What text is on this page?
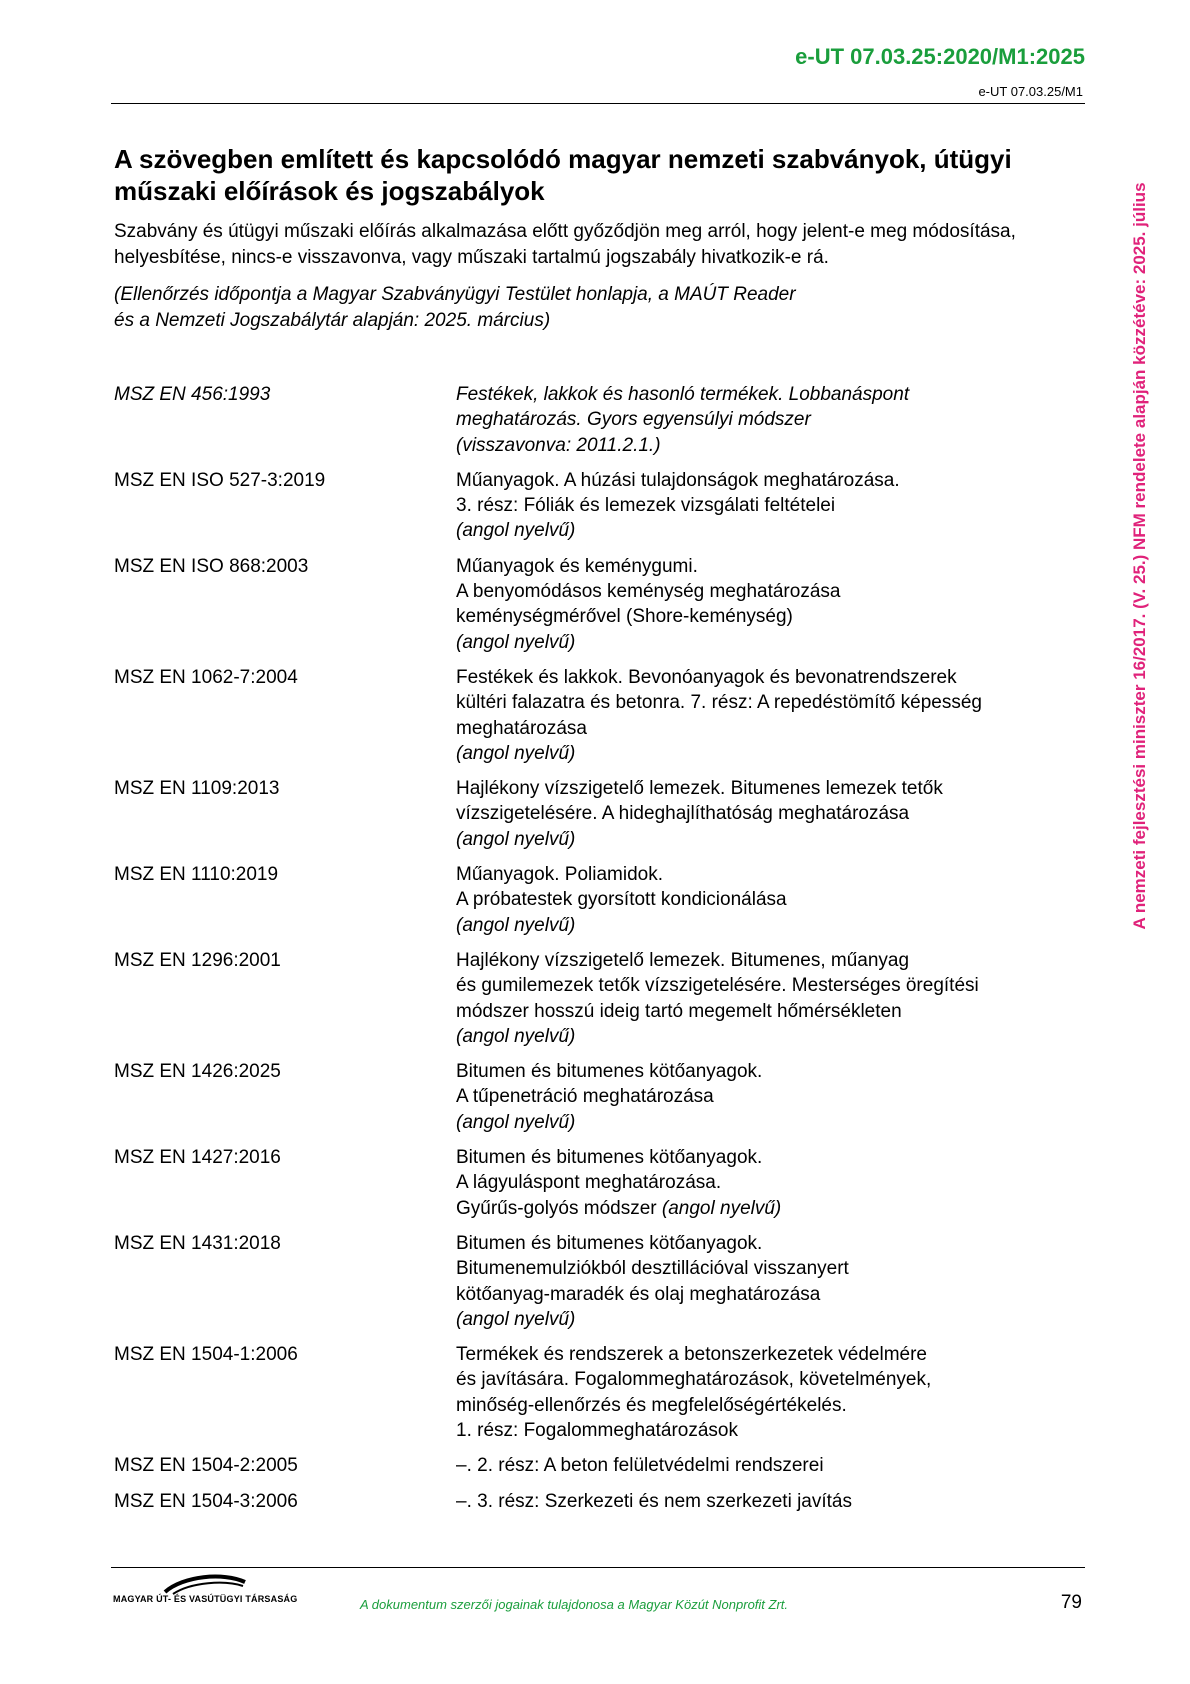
e-UT 07.03.25:2020/M1:2025
e-UT 07.03.25/M1
A nemzeti fejlesztési miniszter 16/2017. (V. 25.) NFM rendelete alapján közzétéve: 2025. július
A szövegben említett és kapcsolódó magyar nemzeti szabványok, útügyi műszaki előírások és jogszabályok

Szabvány és útügyi műszaki előírás alkalmazása előtt győződjön meg arról, hogy jelent-e meg módosítása, helyesbítése, nincs-e visszavonva, vagy műszaki tartalmú jogszabály hivatkozik-e rá.

(Ellenőrzés időpontja a Magyar Szabványügyi Testület honlapja, a MAÚT Reader
és a Nemzeti Jogszabálytár alapján: 2025. március)

MSZ EN 456:1993	Festékek, lakkok és hasonló termékek. Lobbanáspont
meghatározás. Gyors egyensúlyi módszer
(visszavonva: 2011.2.1.)
MSZ EN ISO 527-3:2019	Műanyagok. A húzási tulajdonságok meghatározása.
3. rész: Fóliák és lemezek vizsgálati feltételei
(angol nyelvű)
MSZ EN ISO 868:2003	Műanyagok és keménygumi.
A benyomódásos keménység meghatározása
keménységmérővel (Shore-keménység)
(angol nyelvű)
MSZ EN 1062-7:2004	Festékek és lakkok. Bevonóanyagok és bevonatrendszerek
kültéri falazatra és betonra. 7. rész: A repedéstömítő képesség
meghatározása
(angol nyelvű)
MSZ EN 1109:2013	Hajlékony vízszigetelő lemezek. Bitumenes lemezek tetők
vízszigetelésére. A hideghajlíthatóság meghatározása
(angol nyelvű)
MSZ EN 1110:2019	Műanyagok. Poliamidok.
A próbatestek gyorsított kondicionálása
(angol nyelvű)
MSZ EN 1296:2001	Hajlékony vízszigetelő lemezek. Bitumenes, műanyag
és gumilemezek tetők vízszigetelésére. Mesterséges öregítési
módszer hosszú ideig tartó megemelt hőmérsékleten
(angol nyelvű)
MSZ EN 1426:2025	Bitumen és bitumenes kötőanyagok.
A tűpenetráció meghatározása
(angol nyelvű)
MSZ EN 1427:2016	Bitumen és bitumenes kötőanyagok.
A lágyuláspont meghatározása.
Gyűrűs-golyós módszer (angol nyelvű)
MSZ EN 1431:2018	Bitumen és bitumenes kötőanyagok.
Bitumenemulziókból desztillációval visszanyert
kötőanyag-maradék és olaj meghatározása
(angol nyelvű)
MSZ EN 1504-1:2006	Termékek és rendszerek a betonszerkezetek védelmére
és javítására. Fogalommeghatározások, követelmények,
minőség-ellenőrzés és megfelelőségértékelés.
1. rész: Fogalommeghatározások
MSZ EN 1504-2:2005	–. 2. rész: A beton felületvédelmi rendszerei
MSZ EN 1504-3:2006	–. 3. rész: Szerkezeti és nem szerkezeti javítás
MAGYAR ÚT- ÉS VASÚTÜGYI TÁRSASÁG	A dokumentum szerzői jogainak tulajdonosa a Magyar Közút Nonprofit Zrt.	79
